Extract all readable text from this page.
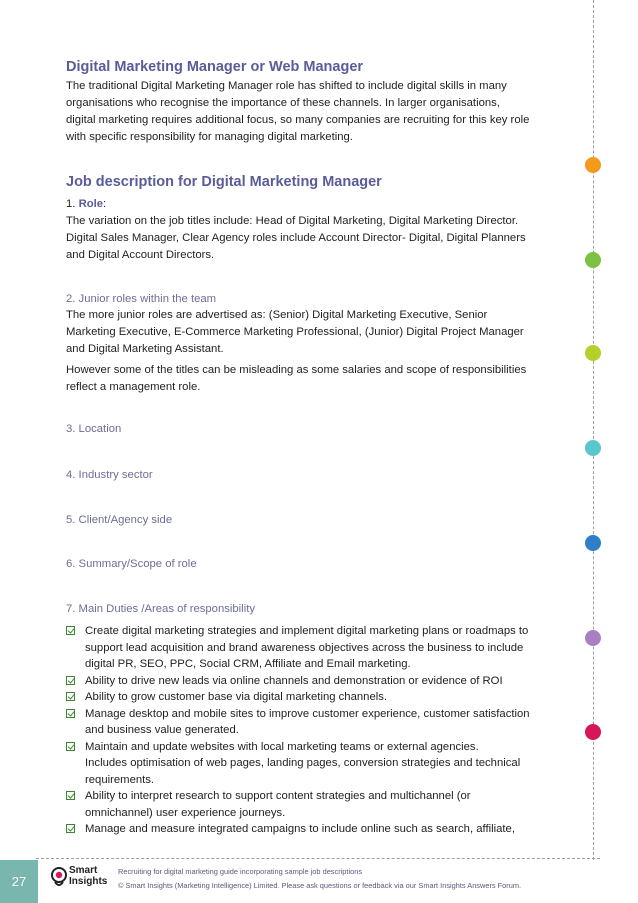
Digital Marketing Manager or Web Manager
The traditional Digital Marketing Manager role has shifted to include digital skills in many
organisations who recognise the importance of these channels. In larger organisations,
digital marketing requires additional focus, so many companies are recruiting for this key role
with specific responsibility for managing digital marketing.
Job description for Digital Marketing Manager
1. Role:
The variation on the job titles include: Head of Digital Marketing, Digital Marketing Director.
Digital Sales Manager, Clear Agency roles include Account Director- Digital, Digital Planners
and Digital Account Directors.
2. Junior roles within the team
The more junior roles are advertised as: (Senior) Digital Marketing Executive, Senior
Marketing Executive, E-Commerce Marketing Professional, (Junior) Digital Project Manager
and Digital Marketing Assistant.
However some of the titles can be misleading as some salaries and scope of responsibilities
reflect a management role.
3. Location
4. Industry sector
5. Client/Agency side
6. Summary/Scope of role
7. Main Duties /Areas of responsibility
Create digital marketing strategies and implement digital marketing plans or roadmaps to
support lead acquisition and brand awareness objectives across the business to include
digital PR, SEO, PPC, Social CRM, Affiliate and Email marketing.
Ability to drive new leads via online channels and demonstration or evidence of ROI
Ability to grow customer base via digital marketing channels.
Manage desktop and mobile sites to improve customer experience, customer satisfaction
and business value generated.
Maintain and update websites with local marketing teams or external agencies.
Includes optimisation of web pages, landing pages, conversion strategies and technical
requirements.
Ability to interpret research to support content strategies and multichannel (or
omnichannel) user experience journeys.
Manage and measure integrated campaigns to include online such as search, affiliate,
27
Smart
Insights
Recruiting for digital marketing guide incorporating sample job descriptions
© Smart Insights (Marketing Intelligence) Limited. Please ask questions or feedback via our Smart Insights Answers Forum.
